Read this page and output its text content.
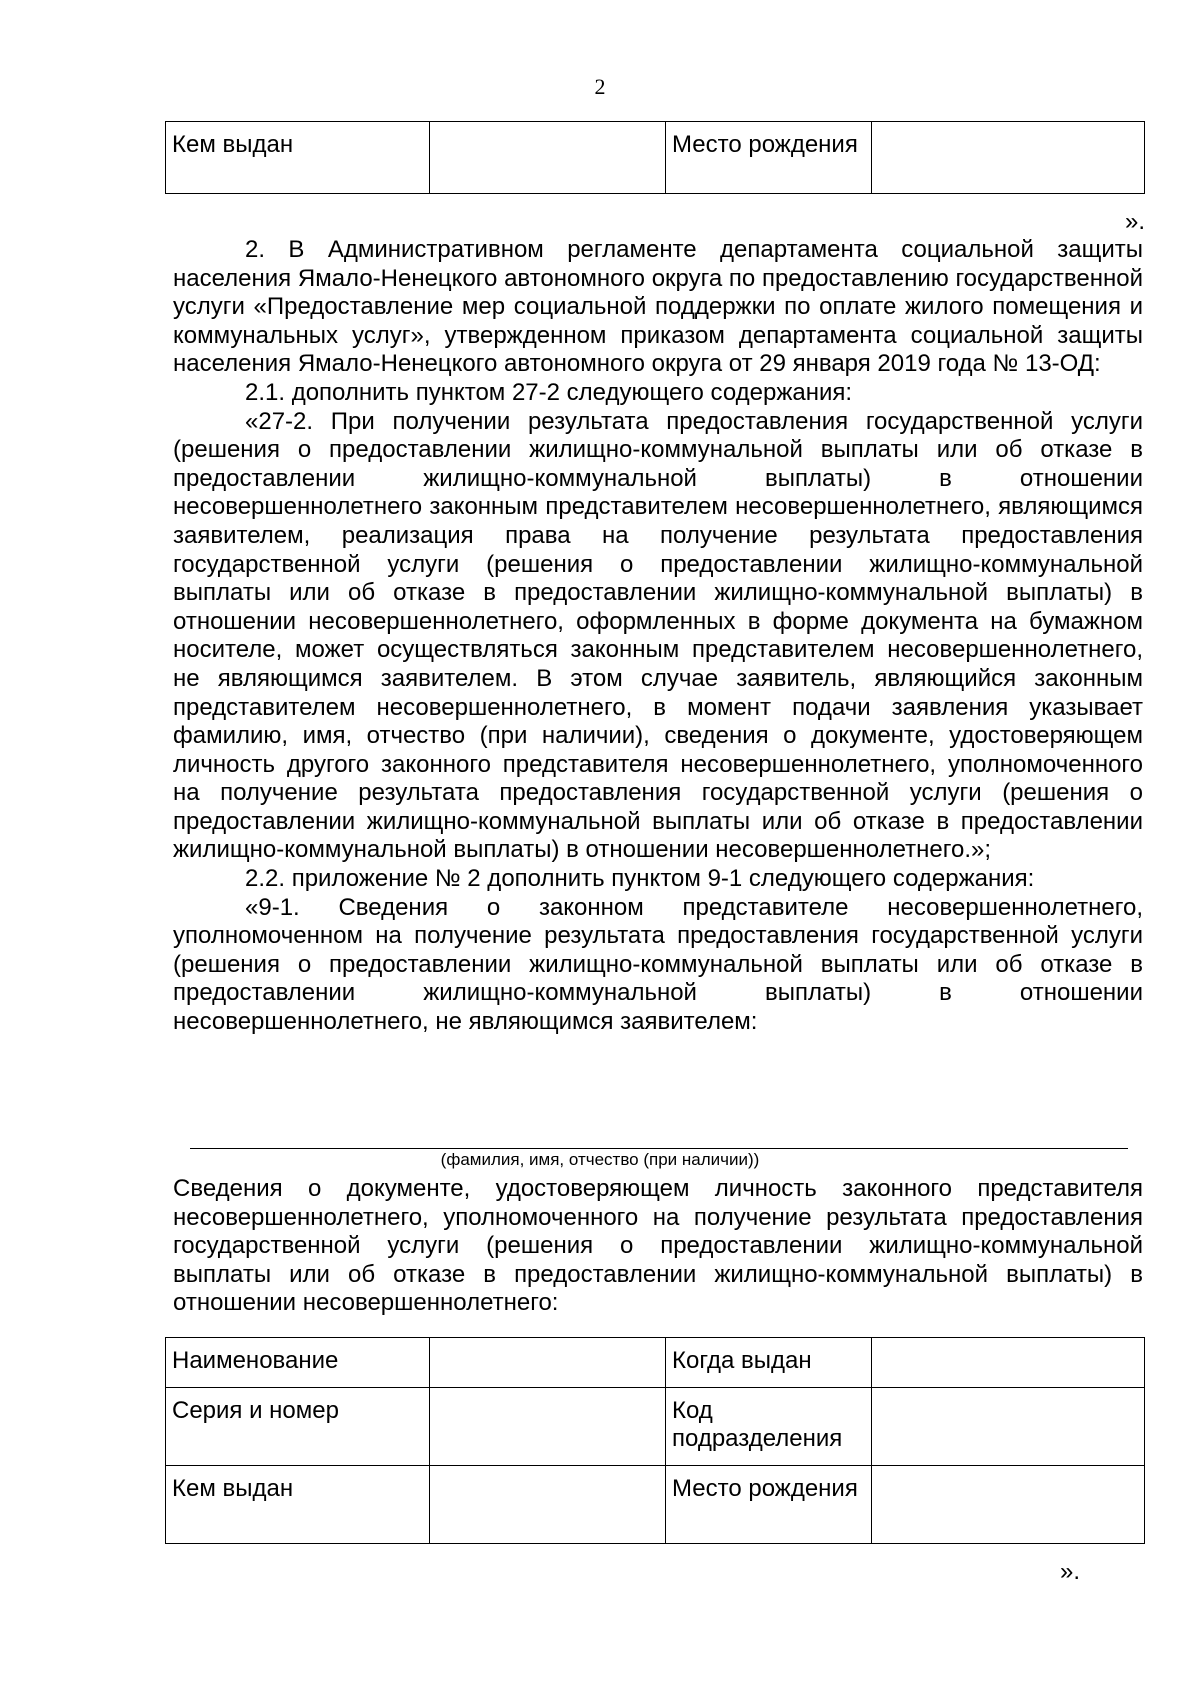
2
Кем выдан		Место рождения	
».

2. В Административном регламенте департамента социальной защиты населения Ямало-Ненецкого автономного округа по предоставлению государственной услуги «Предоставление мер социальной поддержки по оплате жилого помещения и коммунальных услуг», утвержденном приказом департамента социальной защиты населения Ямало-Ненецкого автономного округа от 29 января 2019 года № 13-ОД:

2.1. дополнить пунктом 27-2 следующего содержания:

«27-2. При получении результата предоставления государственной услуги (решения о предоставлении жилищно-коммунальной выплаты или об отказе в предоставлении жилищно-коммунальной выплаты) в отношении несовершеннолетнего законным представителем несовершеннолетнего, являющимся заявителем, реализация права на получение результата предоставления государственной услуги (решения о предоставлении жилищно-коммунальной выплаты или об отказе в предоставлении жилищно-коммунальной выплаты) в отношении несовершеннолетнего, оформленных в форме документа на бумажном носителе, может осуществляться законным представителем несовершеннолетнего, не являющимся заявителем. В этом случае заявитель, являющийся законным представителем несовершеннолетнего, в момент подачи заявления указывает фамилию, имя, отчество (при наличии), сведения о документе, удостоверяющем личность другого законного представителя несовершеннолетнего, уполномоченного на получение результата предоставления государственной услуги (решения о предоставлении жилищно-коммунальной выплаты или об отказе в предоставлении жилищно-коммунальной выплаты) в отношении несовершеннолетнего.»;

2.2. приложение № 2 дополнить пунктом 9-1 следующего содержания:

«9-1. Сведения о законном представителе несовершеннолетнего, уполномоченном на получение результата предоставления государственной услуги (решения о предоставлении жилищно-коммунальной выплаты или об отказе в предоставлении жилищно-коммунальной выплаты) в отношении несовершеннолетнего, не являющимся заявителем:

(фамилия, имя, отчество (при наличии))

Сведения о документе, удостоверяющем личность законного представителя несовершеннолетнего, уполномоченного на получение результата предоставления государственной услуги (решения о предоставлении жилищно-коммунальной выплаты или об отказе в предоставлении жилищно-коммунальной выплаты) в отношении несовершеннолетнего:

Наименование		Когда выдан	
Серия и номер		Код подразделения	
Кем выдан		Место рождения	
».
